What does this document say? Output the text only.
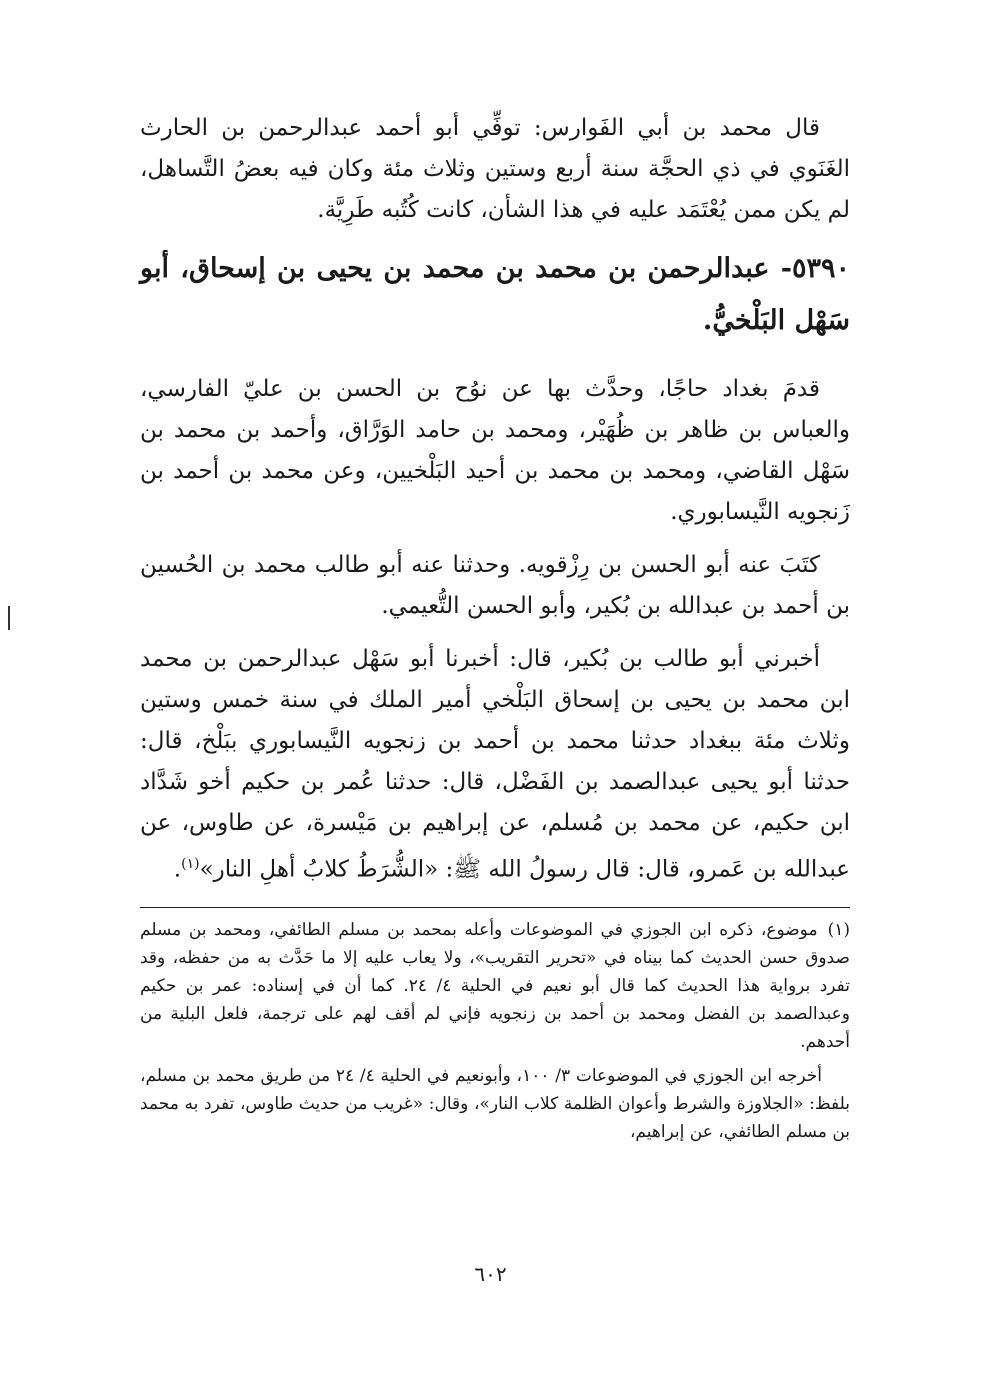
قال محمد بن أبي الفَوارس: توفِّي أبو أحمد عبدالرحمن بن الحارث الغَنَوي في ذي الحجَّة سنة أربع وستين وثلاث مئة وكان فيه بعضُ التَّساهل، لم يكن ممن يُعْتَمَد عليه في هذا الشأن، كانت كُتُبه طَرِيَّة.

٥٣٩٠- عبدالرحمن بن محمد بن محمد بن يحيى بن إسحاق، أبو سَهْل البَلْخيُّ.

قدمَ بغداد حاجًا، وحدَّث بها عن نوُح بن الحسن بن عليّ الفارسي، والعباس بن ظاهر بن ظُهَيْر، ومحمد بن حامد الوَرَّاق، وأحمد بن محمد بن سَهْل القاضي، ومحمد بن محمد بن أحيد البَلْخيين، وعن محمد بن أحمد بن زَنجويه النَّيسابوري.

كتَبَ عنه أبو الحسن بن رِزْقويه. وحدثنا عنه أبو طالب محمد بن الحُسين بن أحمد بن عبدالله بن بُكير، وأبو الحسن التُّعيمي.

أخبرني أبو طالب بن بُكير، قال: أخبرنا أبو سَهْل عبدالرحمن بن محمد ابن محمد بن يحيى بن إسحاق البَلْخي أمير الملك في سنة خمس وستين وثلاث مئة ببغداد حدثنا محمد بن أحمد بن زنجويه النَّيسابوري ببَلْخ، قال: حدثنا أبو يحيى عبدالصمد بن الفَضْل، قال: حدثنا عُمر بن حكيم أخو شَدَّاد ابن حكيم، عن محمد بن مُسلم، عن إبراهيم بن مَيْسرة، عن طاوس، عن عبدالله بن عَمرو، قال: قال رسولُ الله ﷺ: «الشُّرَطُ كلابُ أهلِ النار»$^{(١)}$.

(١)موضوع، ذكره ابن الجوزي في الموضوعات وأعله بمحمد بن مسلم الطائفي، ومحمد بن مسلم صدوق حسن الحديث كما بيناه في «تحرير التقريب»، ولا يعاب عليه إلا ما حَدَّث به من حفظه، وقد تفرد برواية هذا الحديث كما قال أبو نعيم في الحلية ٤/ ٢٤. كما أن في إسناده: عمر بن حكيم وعبدالصمد بن الفضل ومحمد بن أحمد بن زنجويه فإني لم أقف لهم على ترجمة، فلعل البلية من أحدهم.

أخرجه ابن الجوزي في الموضوعات ٣/ ١٠٠، وأبونعيم في الحلية ٤/ ٢٤ من طريق محمد بن مسلم، بلفظ: «الجلاوزة والشرط وأعوان الظلمة كلاب النار»، وقال: «غريب من حديث طاوس، تفرد به محمد بن مسلم الطائفي، عن إبراهيم،

٦٠٢
